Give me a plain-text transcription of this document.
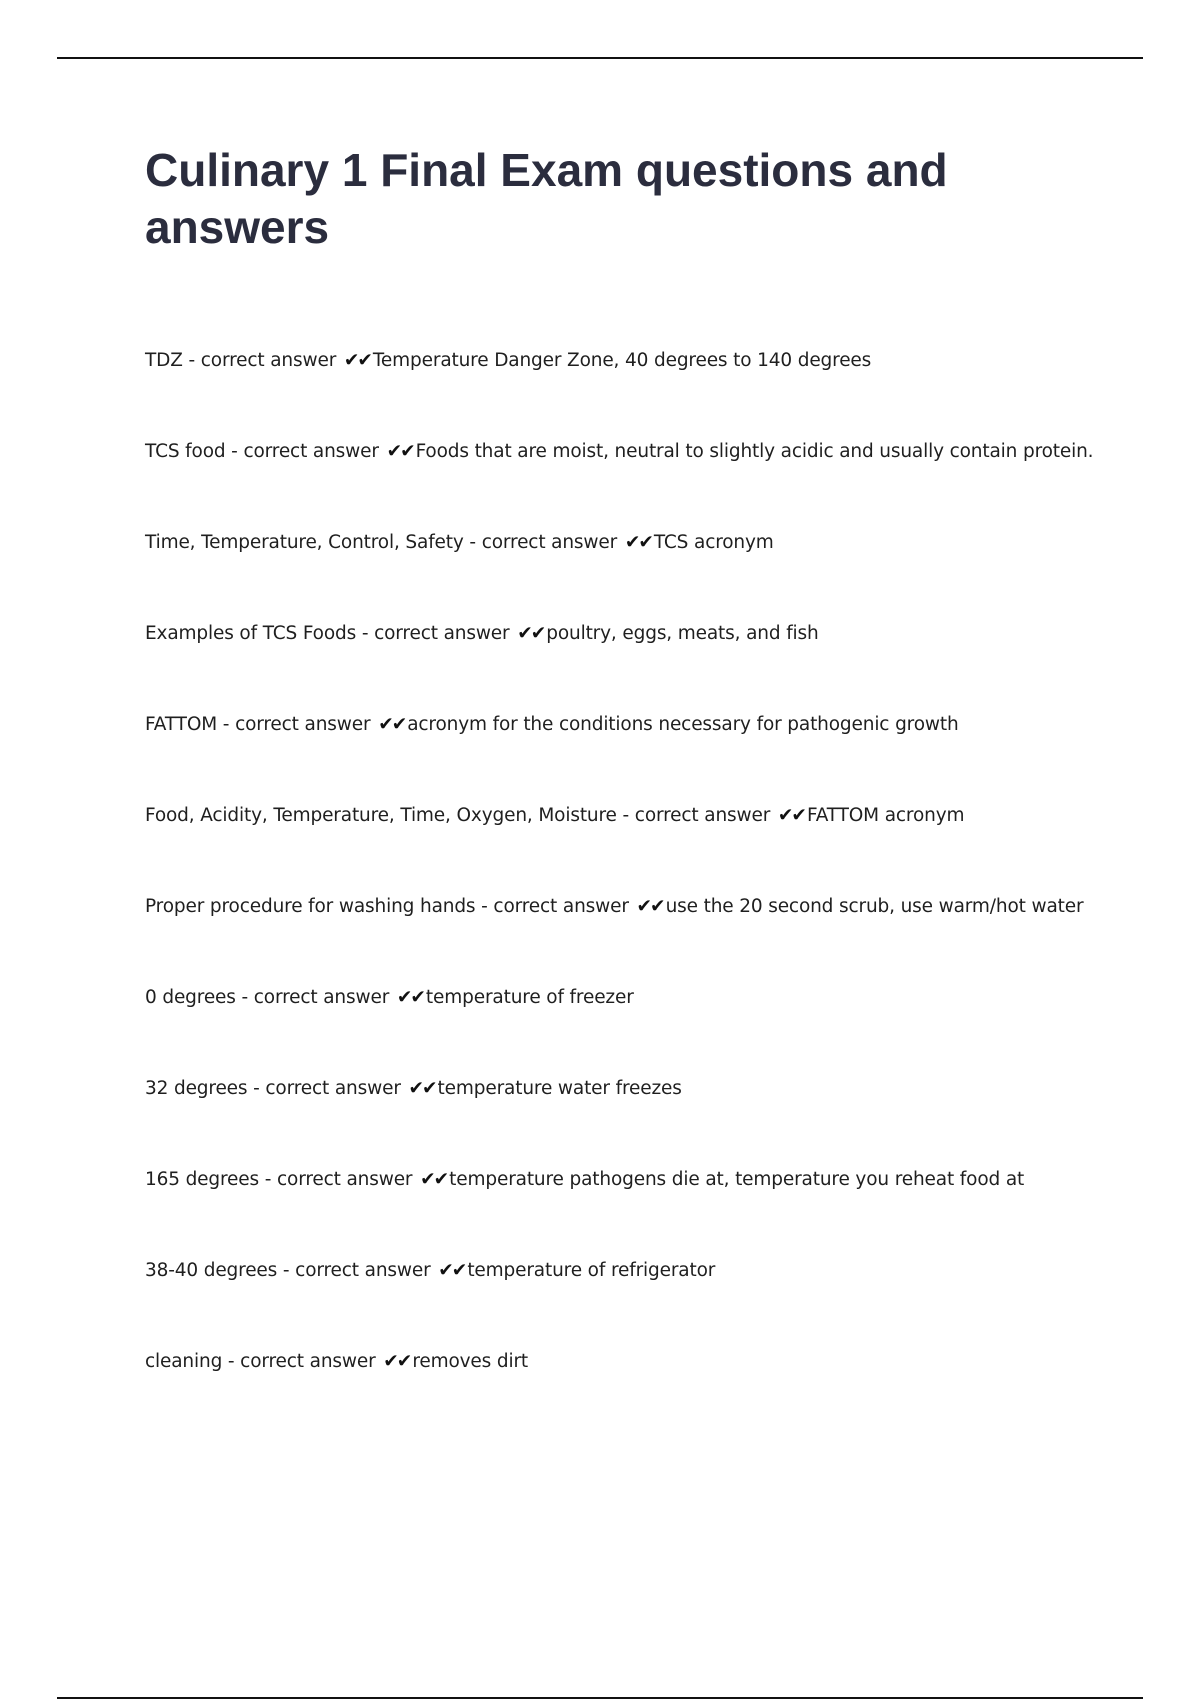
Culinary 1 Final Exam questions and answers
TDZ - correct answer ✔✔ Temperature Danger Zone, 40 degrees to 140 degrees
TCS food - correct answer ✔✔ Foods that are moist, neutral to slightly acidic and usually contain protein.
Time, Temperature, Control, Safety - correct answer ✔✔ TCS acronym
Examples of TCS Foods - correct answer ✔✔ poultry, eggs, meats, and fish
FATTOM - correct answer ✔✔ acronym for the conditions necessary for pathogenic growth
Food, Acidity, Temperature, Time, Oxygen, Moisture - correct answer ✔✔ FATTOM acronym
Proper procedure for washing hands - correct answer ✔✔ use the 20 second scrub, use warm/hot water
0 degrees - correct answer ✔✔ temperature of freezer
32 degrees - correct answer ✔✔ temperature water freezes
165 degrees - correct answer ✔✔ temperature pathogens die at, temperature you reheat food at
38-40 degrees - correct answer ✔✔ temperature of refrigerator
cleaning - correct answer ✔✔ removes dirt
